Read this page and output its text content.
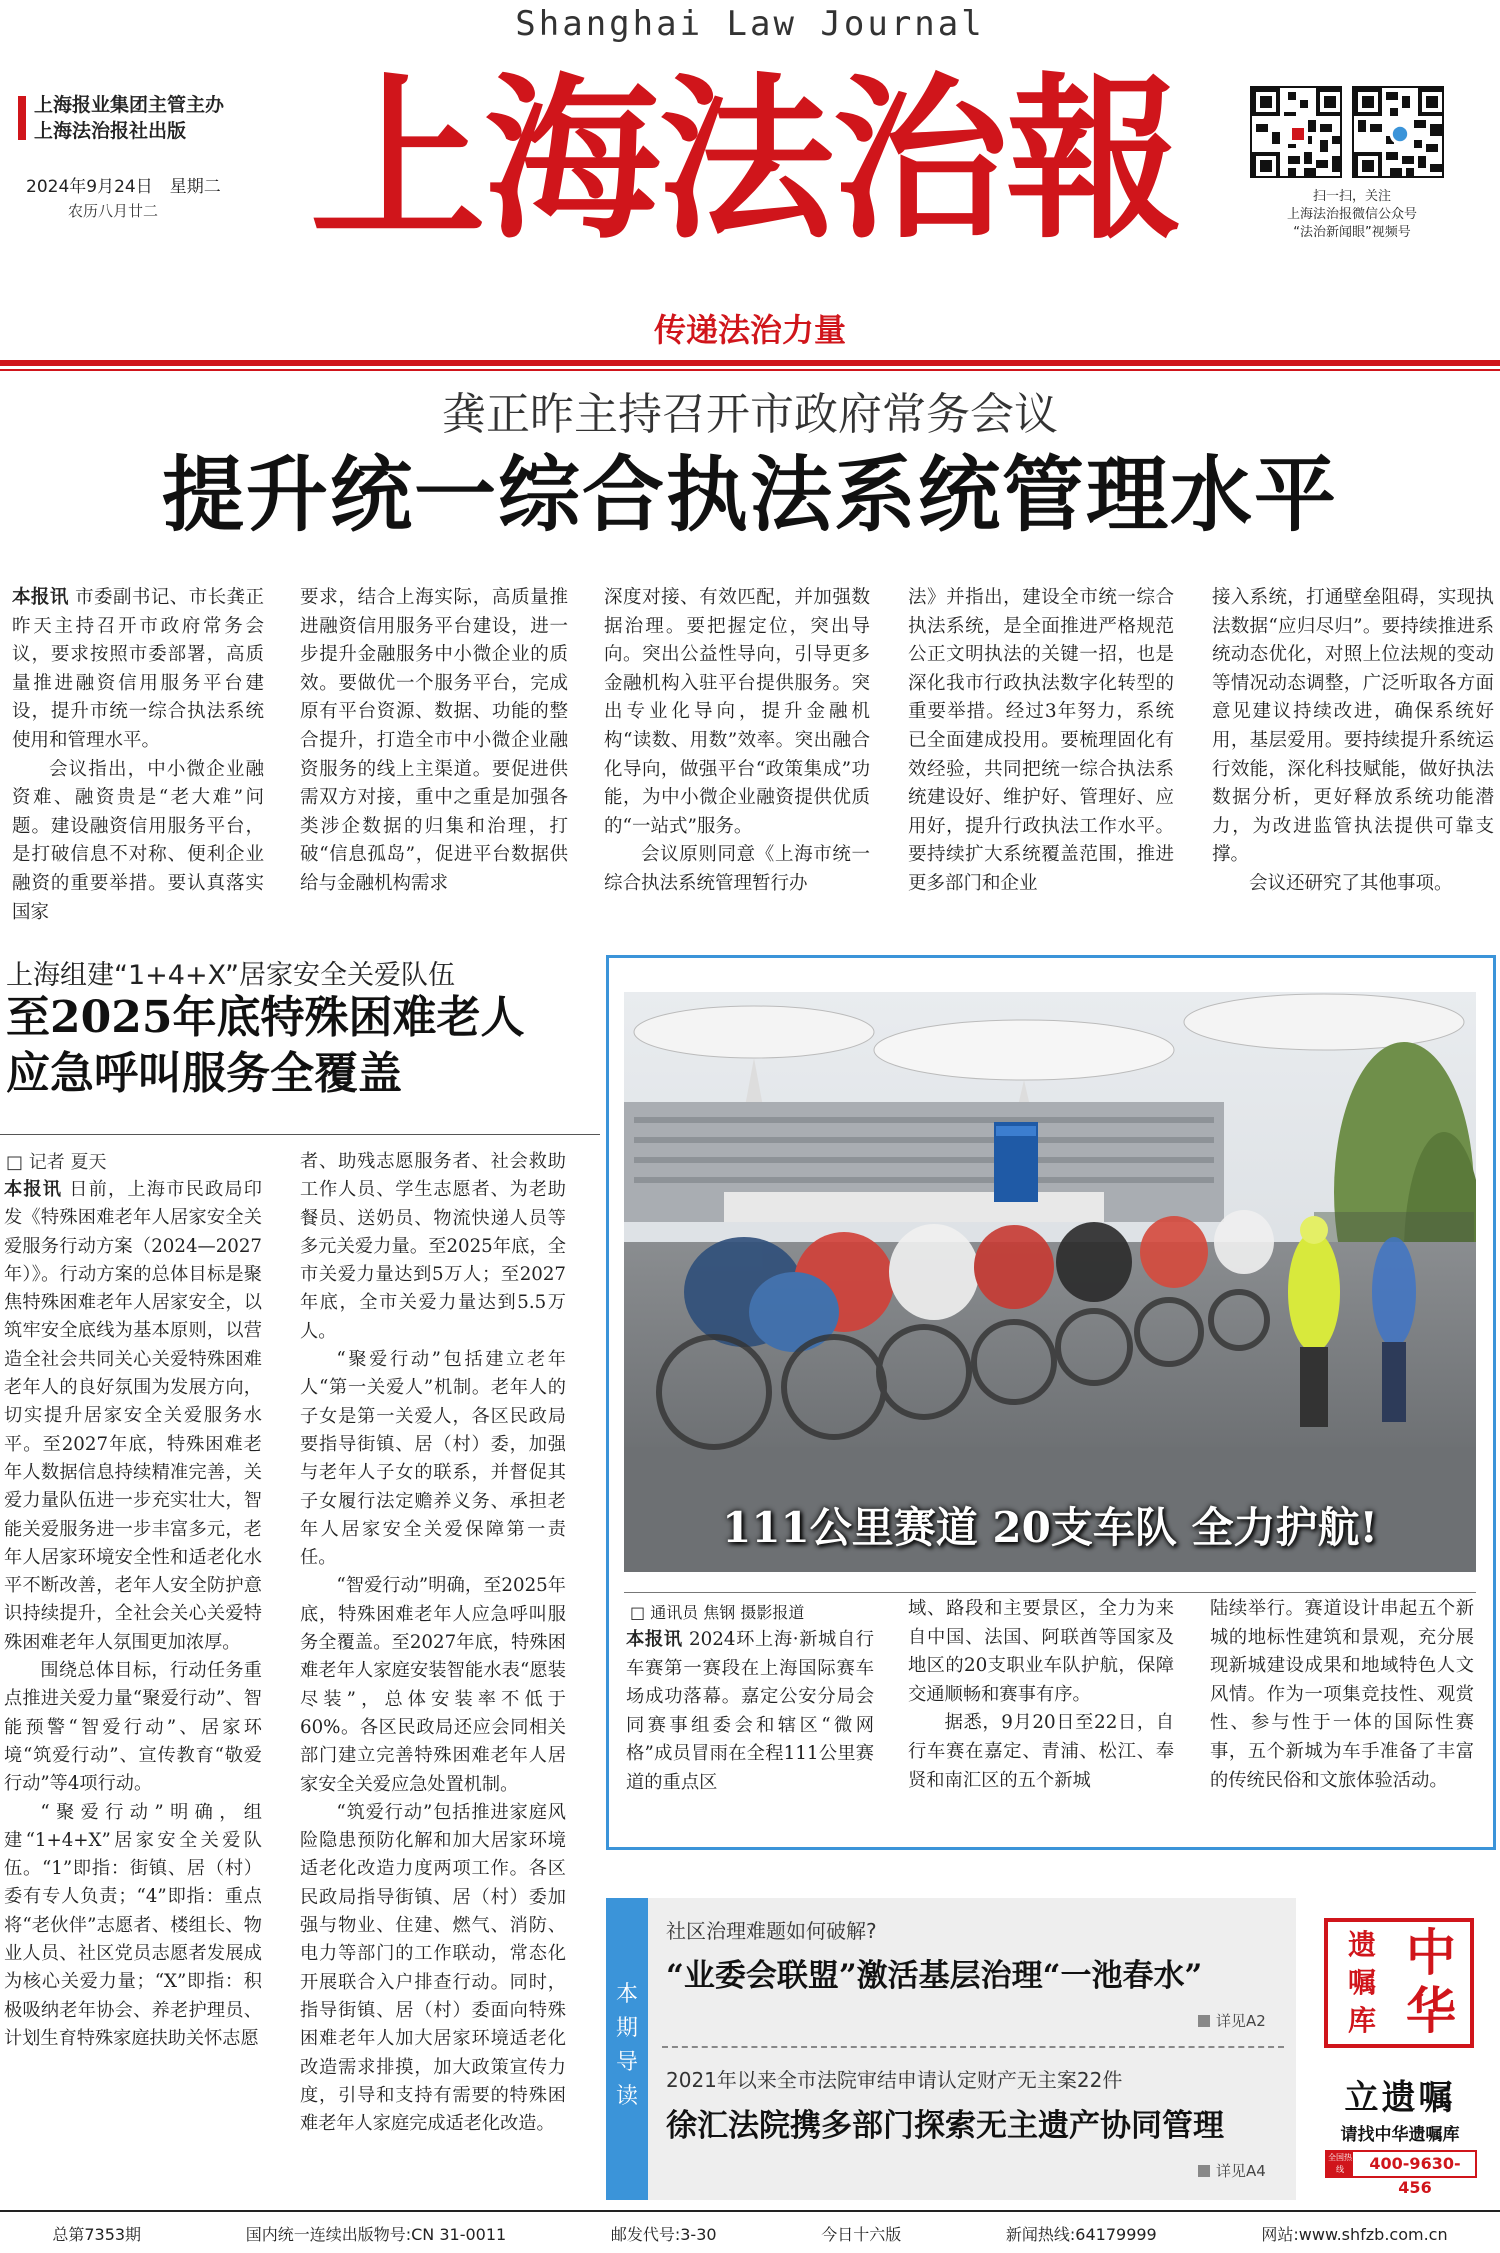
Shanghai Law Journal
上海报业集团主管主办
上海法治报社出版
2024年9月24日　星期二
农历八月廿二 上海法治報	扫一扫，关注
上海法治报微信公众号
“法治新闻眼”视频号
传递法治力量
龚正昨主持召开市政府常务会议
提升统一综合执法系统管理水平
本报讯 市委副书记、市长龚正昨天主持召开市政府常务会议，要求按照市委部署，高质量推进融资信用服务平台建设，提升市统一综合执法系统使用和管理水平。
会议指出，中小微企业融资难、融资贵是“老大难”问题。建设融资信用服务平台，是打破信息不对称、便利企业融资的重要举措。要认真落实国家
要求，结合上海实际，高质量推进融资信用服务平台建设，进一步提升金融服务中小微企业的质效。要做优一个服务平台，完成原有平台资源、数据、功能的整合提升，打造全市中小微企业融资服务的线上主渠道。要促进供需双方对接，重中之重是加强各类涉企数据的归集和治理，打破“信息孤岛”，促进平台数据供给与金融机构需求
深度对接、有效匹配，并加强数据治理。要把握定位，突出导向。突出公益性导向，引导更多金融机构入驻平台提供服务。突出专业化导向，提升金融机构“读数、用数”效率。突出融合化导向，做强平台“政策集成”功能，为中小微企业融资提供优质的“一站式”服务。
会议原则同意《上海市统一综合执法系统管理暂行办
法》并指出，建设全市统一综合执法系统，是全面推进严格规范公正文明执法的关键一招，也是深化我市行政执法数字化转型的重要举措。经过3年努力，系统已全面建成投用。要梳理固化有效经验，共同把统一综合执法系统建设好、维护好、管理好、应用好，提升行政执法工作水平。要持续扩大系统覆盖范围，推进更多部门和企业
接入系统，打通壁垒阻碍，实现执法数据“应归尽归”。要持续推进系统动态优化，对照上位法规的变动等情况动态调整，广泛听取各方面意见建议持续改进，确保系统好用，基层爱用。要持续提升系统运行效能，深化科技赋能，做好执法数据分析，更好释放系统功能潜力，为改进监管执法提供可靠支撑。
会议还研究了其他事项。
上海组建“1+4+X”居家安全关爱队伍
至2025年底特殊困难老人
应急呼叫服务全覆盖
□ 记者 夏天
本报讯 日前，上海市民政局印发《特殊困难老年人居家安全关爱服务行动方案（2024—2027年）》。行动方案的总体目标是聚焦特殊困难老年人居家安全，以筑牢安全底线为基本原则，以营造全社会共同关心关爱特殊困难老年人的良好氛围为发展方向，切实提升居家安全关爱服务水平。至2027年底，特殊困难老年人数据信息持续精准完善，关爱力量队伍进一步充实壮大，智能关爱服务进一步丰富多元，老年人居家环境安全性和适老化水平不断改善，老年人安全防护意识持续提升，全社会关心关爱特殊困难老年人氛围更加浓厚。
围绕总体目标，行动任务重点推进关爱力量“聚爱行动”、智能预警“智爱行动”、居家环境“筑爱行动”、宣传教育“敬爱行动”等4项行动。
“聚爱行动”明确，组建“1+4+X”居家安全关爱队伍。“1”即指：街镇、居（村）委有专人负责；“4”即指：重点将“老伙伴”志愿者、楼组长、物业人员、社区党员志愿者发展成为核心关爱力量；“X”即指：积极吸纳老年协会、养老护理员、计划生育特殊家庭扶助关怀志愿
者、助残志愿服务者、社会救助工作人员、学生志愿者、为老助餐员、送奶员、物流快递人员等多元关爱力量。至2025年底，全市关爱力量达到5万人；至2027年底，全市关爱力量达到5.5万人。
“聚爱行动”包括建立老年人“第一关爱人”机制。老年人的子女是第一关爱人，各区民政局要指导街镇、居（村）委，加强与老年人子女的联系，并督促其子女履行法定赡养义务、承担老年人居家安全关爱保障第一责任。
“智爱行动”明确，至2025年底，特殊困难老年人应急呼叫服务全覆盖。至2027年底，特殊困难老年人家庭安装智能水表“愿装尽装”，总体安装率不低于60%。各区民政局还应会同相关部门建立完善特殊困难老年人居家安全关爱应急处置机制。
“筑爱行动”包括推进家庭风险隐患预防化解和加大居家环境适老化改造力度两项工作。各区民政局指导街镇、居（村）委加强与物业、住建、燃气、消防、电力等部门的工作联动，常态化开展联合入户排查行动。同时，指导街镇、居（村）委面向特殊困难老年人加大居家环境适老化改造需求排摸，加大政策宣传力度，引导和支持有需要的特殊困难老年人家庭完成适老化改造。
111公里赛道 20支车队 全力护航!
□ 通讯员 焦钢 摄影报道
本报讯 2024环上海·新城自行车赛第一赛段在上海国际赛车场成功落幕。嘉定公安分局会同赛事组委会和辖区“微网格”成员冒雨在全程111公里赛道的重点区
域、路段和主要景区，全力为来自中国、法国、阿联酋等国家及地区的20支职业车队护航，保障交通顺畅和赛事有序。
据悉，9月20日至22日，自行车赛在嘉定、青浦、松江、奉贤和南汇区的五个新城
陆续举行。赛道设计串起五个新城的地标性建筑和景观，充分展现新城建设成果和地域特色人文风情。作为一项集竞技性、观赏性、参与性于一体的国际性赛事，五个新城为车手准备了丰富的传统民俗和文旅体验活动。
本期导读
社区治理难题如何破解?
“业委会联盟”激活基层治理“一池春水”
详见A2
2021年以来全市法院审结申请认定财产无主案22件
徐汇法院携多部门探索无主遗产协同管理
详见A4
遗
嘱
库
中
华
立遗嘱
请找中华遗嘱库
全国热线	400-9630-456
总第7353期	国内统一连续出版物号:CN 31-0011	邮发代号:3-30	今日十六版	新闻热线:64179999	网站:www.shfzb.com.cn
